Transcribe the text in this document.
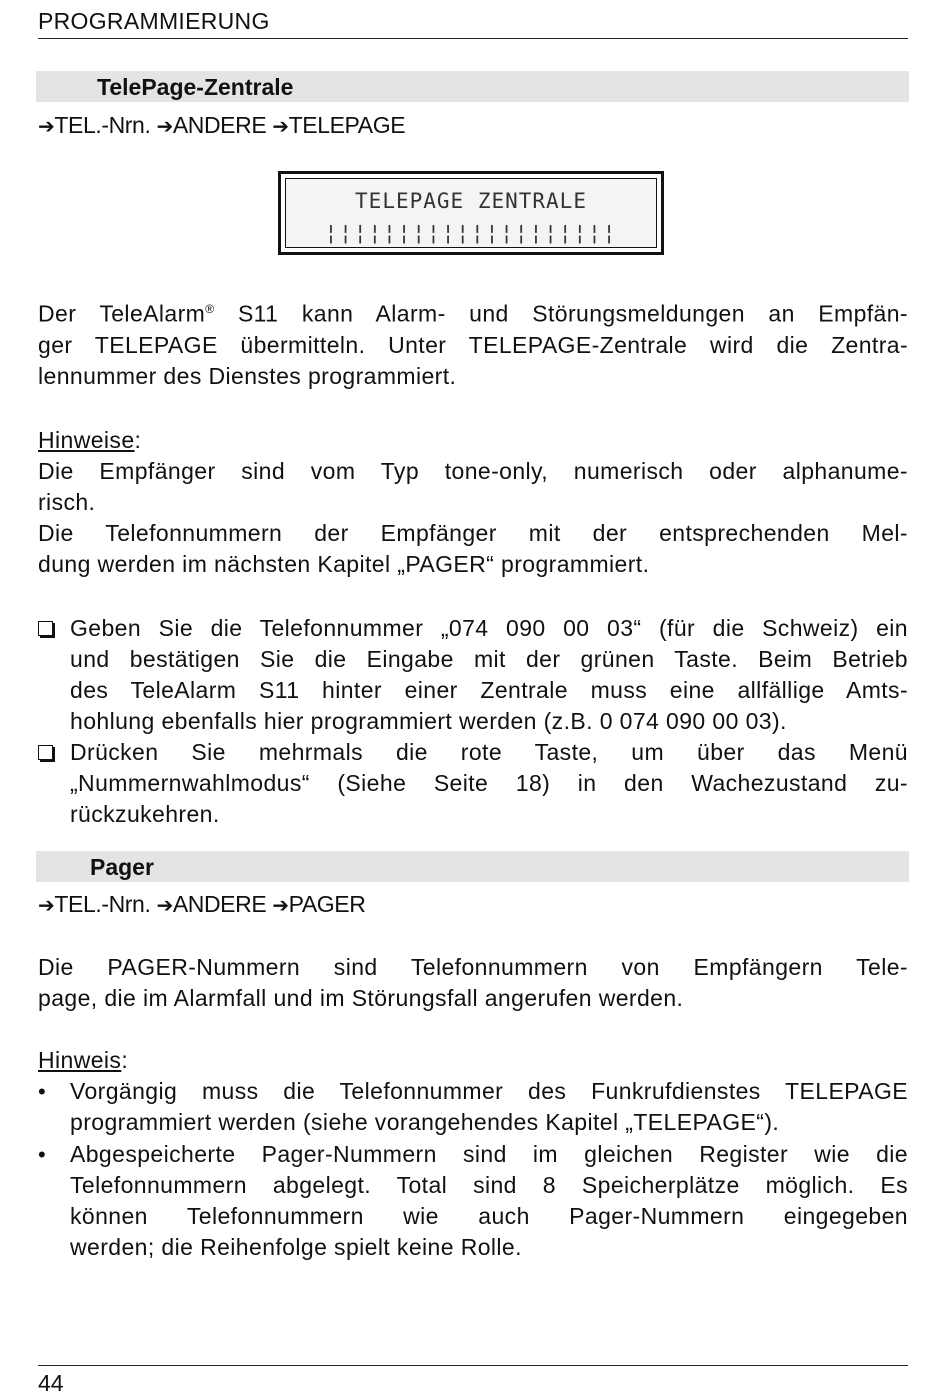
PROGRAMMIERUNG
TelePage-Zentrale
➔TEL.-Nrn. ➔ANDERE ➔TELEPAGE
TELEPAGE ZENTRALE
¦¦¦¦¦¦¦¦¦¦¦¦¦¦¦¦¦¦¦¦
Der TeleAlarm® S11 kann Alarm- und Störungsmeldungen an Empfän-
ger TELEPAGE übermitteln. Unter TELEPAGE-Zentrale wird die Zentra-
lennummer des Dienstes programmiert.
Hinweise:
Die Empfänger sind vom Typ tone-only, numerisch oder alphanume-
risch.
Die Telefonnummern der Empfänger mit der entsprechenden Mel-
dung werden im nächsten Kapitel „PAGER“ programmiert.
Geben Sie die Telefonnummer „074 090 00 03“ (für die Schweiz) ein
und bestätigen Sie die Eingabe mit der grünen Taste. Beim Betrieb
des TeleAlarm S11 hinter einer Zentrale muss eine allfällige Amts-
hohlung ebenfalls hier programmiert werden (z.B. 0 074 090 00 03).
Drücken Sie mehrmals die rote Taste, um über das Menü
„Nummernwahlmodus“ (Siehe Seite 18) in den Wachezustand zu-
rückzukehren.
Pager
➔TEL.-Nrn. ➔ANDERE ➔PAGER
Die PAGER-Nummern sind Telefonnummern von Empfängern Tele-
page, die im Alarmfall und im Störungsfall angerufen werden.
Hinweis:
•	Vorgängig muss die Telefonnummer des Funkrufdienstes TELEPAGE
programmiert werden (siehe vorangehendes Kapitel „TELEPAGE“).
•	Abgespeicherte Pager-Nummern sind im gleichen Register wie die
Telefonnummern abgelegt. Total sind 8 Speicherplätze möglich. Es
können Telefonnummern wie auch Pager-Nummern eingegeben
werden; die Reihenfolge spielt keine Rolle.
44
